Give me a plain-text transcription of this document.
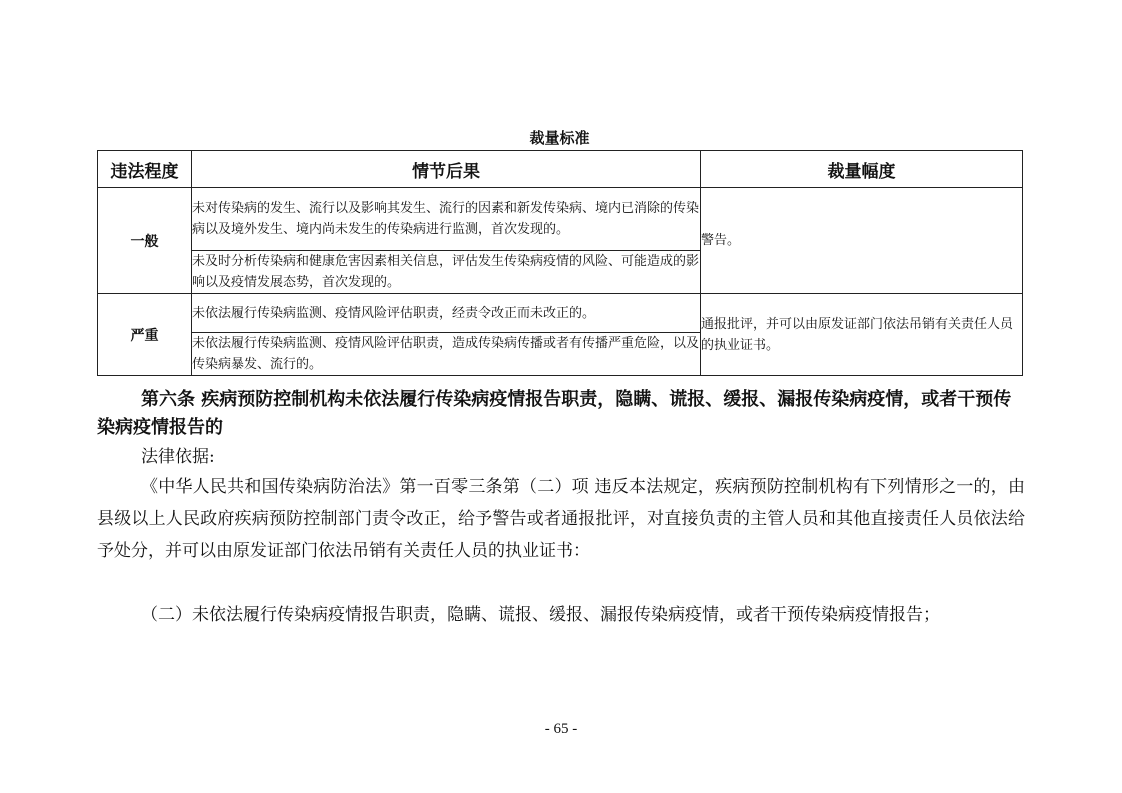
裁量标准
违法程度	情节后果	裁量幅度
一般	未对传染病的发生、流行以及影响其发生、流行的因素和新发传染病、境内已消除的传染病以及境外发生、境内尚未发生的传染病进行监测，首次发现的。	警告。
	未及时分析传染病和健康危害因素相关信息，评估发生传染病疫情的风险、可能造成的影响以及疫情发展态势，首次发现的。	
严重	未依法履行传染病监测、疫情风险评估职责，经责令改正而未改正的。	通报批评，并可以由原发证部门依法吊销有关责任人员的执业证书。
	未依法履行传染病监测、疫情风险评估职责，造成传染病传播或者有传播严重危险，以及传染病暴发、流行的。	
第六条 疾病预防控制机构未依法履行传染病疫情报告职责，隐瞒、谎报、缓报、漏报传染病疫情，或者干预传染病疫情报告的
法律依据:
《中华人民共和国传染病防治法》第一百零三条第（二）项 违反本法规定，疾病预防控制机构有下列情形之一的，由县级以上人民政府疾病预防控制部门责令改正，给予警告或者通报批评，对直接负责的主管人员和其他直接责任人员依法给予处分，并可以由原发证部门依法吊销有关责任人员的执业证书：
（二）未依法履行传染病疫情报告职责，隐瞒、谎报、缓报、漏报传染病疫情，或者干预传染病疫情报告；
- 65 -
